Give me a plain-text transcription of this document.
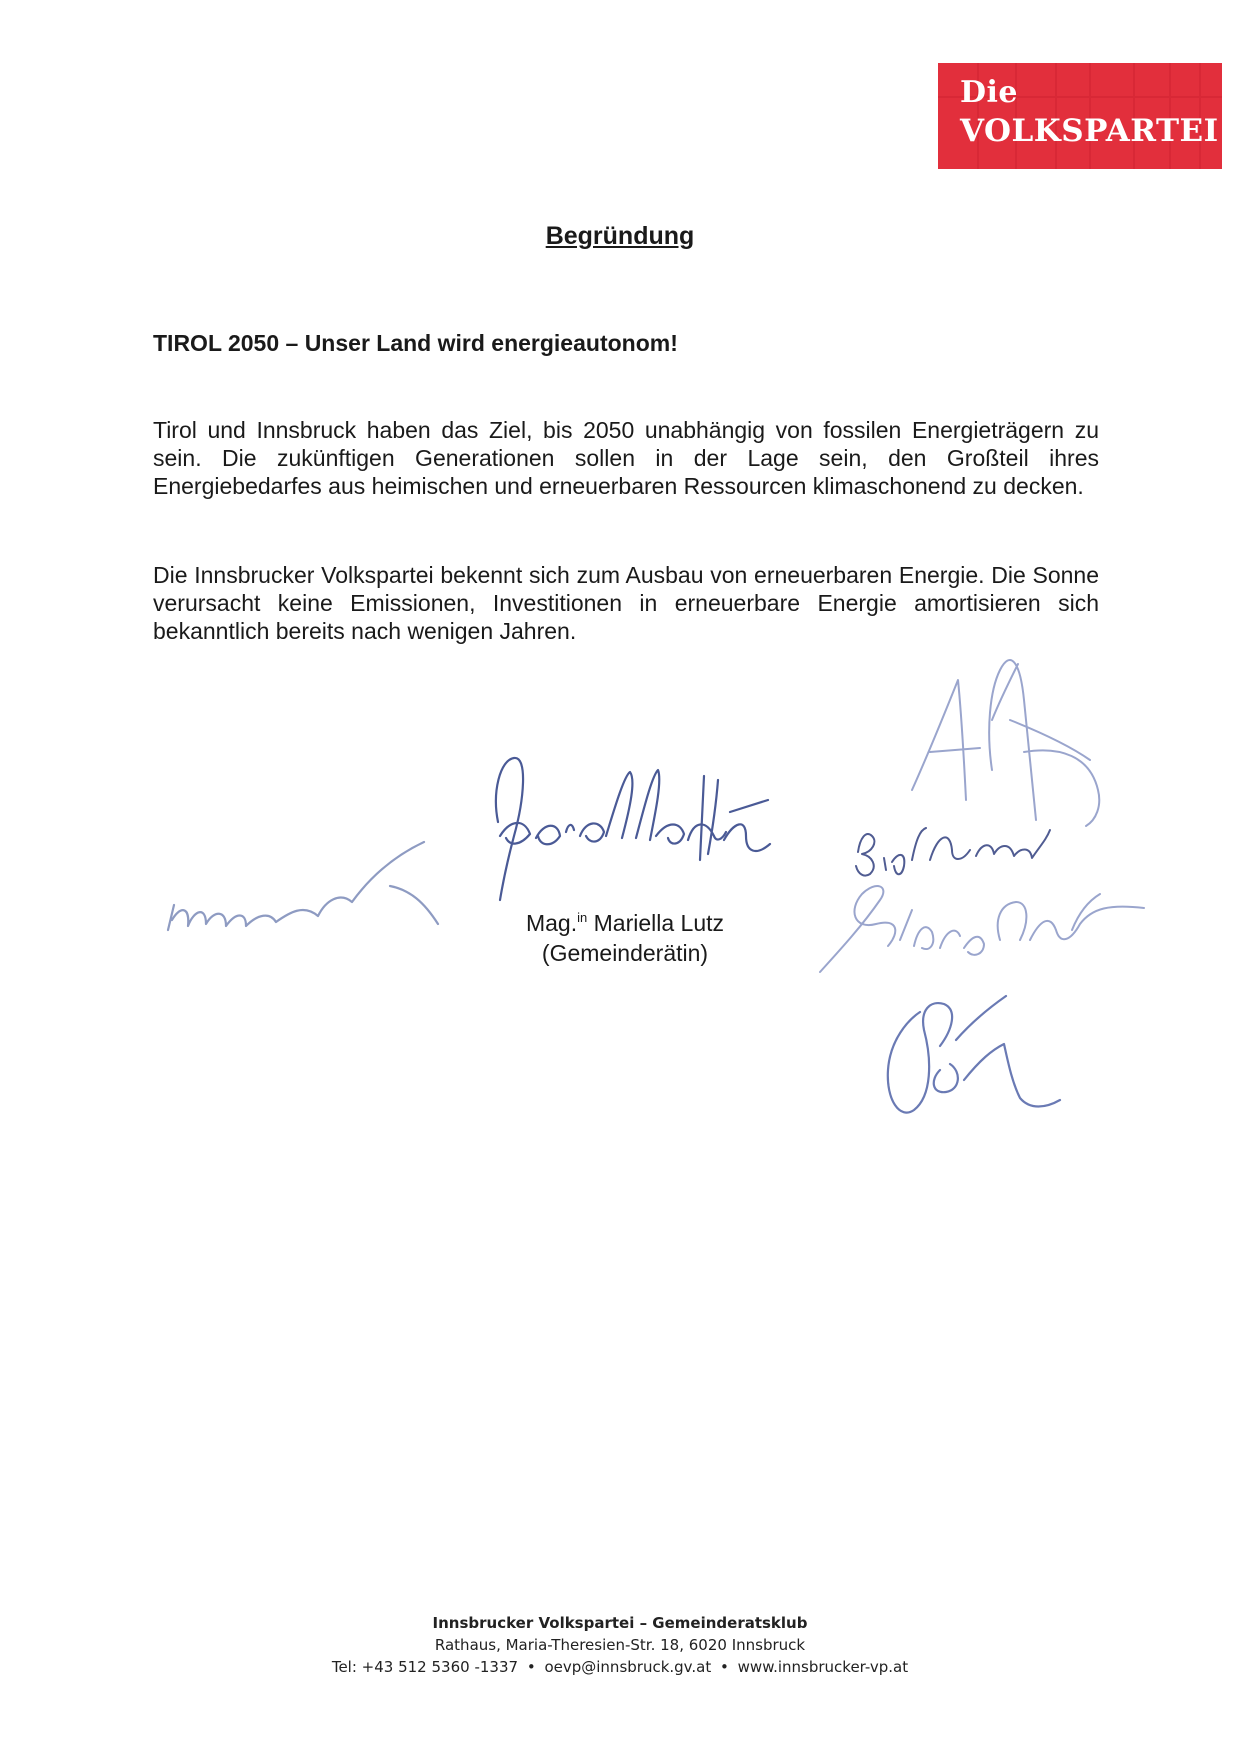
Die
VOLKSPARTEI
Begründung
TIROL 2050 – Unser Land wird energieautonom!

Tirol und Innsbruck haben das Ziel, bis 2050 unabhängig von fossilen Energieträgern zu sein. Die zukünftigen Generationen sollen in der Lage sein, den Großteil ihres Energiebedarfes aus heimischen und erneuerbaren Ressourcen klimaschonend zu decken.

Die Innsbrucker Volkspartei bekennt sich zum Ausbau von erneuerbaren Energie. Die Sonne verursacht keine Emissionen, Investitionen in erneuerbare Energie amortisieren sich bekanntlich bereits nach wenigen Jahren.

Mag.$^{in}$ Mariella Lutz
(Gemeinderätin)
Innsbrucker Volkspartei – Gemeinderatsklub
Rathaus, Maria-Theresien-Str. 18, 6020 Innsbruck
Tel: +43 512 5360 -1337 • oevp@innsbruck.gv.at • www.innsbrucker-vp.at
